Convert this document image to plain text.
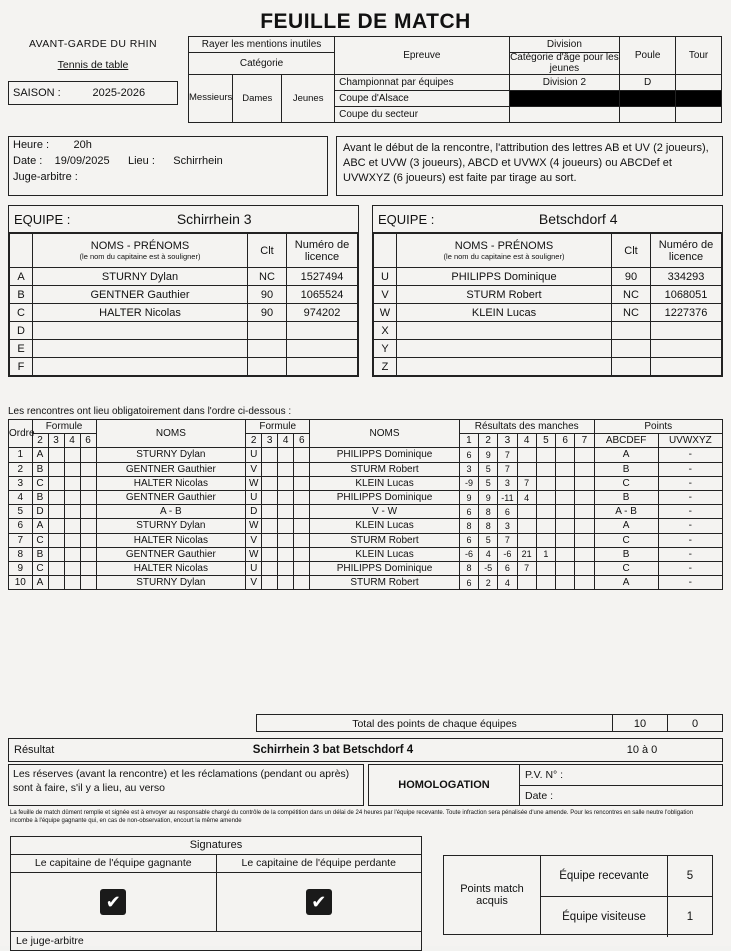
FEUILLE DE MATCH
AVANT-GARDE DU RHIN
Tennis de table
SAISON :	2025-2026
Rayer les mentions inutiles			Epreuve	Division	Poule	Tour
Catégorie				Catégorie d'âge pour les jeunes		
Messieurs	Dames	Jeunes	Championnat par équipes	Division 2	D	
			Coupe d'Alsace			
			Coupe du secteur			
Heure : 20h
Date : 19/09/2025 Lieu : Schirrhein
Juge-arbitre :
Avant le début de la rencontre, l'attribution des lettres AB et UV (2 joueurs), ABC et UVW (3 joueurs), ABCD et UVWX (4 joueurs) ou ABCDef et UVWXYZ (6 joueurs) est faite par tirage au sort.
EQUIPE :	Schirrhein 3

	NOMS - PRÉNOMS
(le nom du capitaine est à souligner)	Clt	Numéro de licence
A	STURNY Dylan	NC	1527494
B	GENTNER Gauthier	90	1065524
C	HALTER Nicolas	90	974202
D			
E			
F			
EQUIPE :	Betschdorf 4

	NOMS - PRÉNOMS
(le nom du capitaine est à souligner)	Clt	Numéro de licence
U	PHILIPPS Dominique	90	334293
V	STURM Robert	NC	1068051
W	KLEIN Lucas	NC	1227376
X			
Y			
Z			
Les rencontres ont lieu obligatoirement dans l'ordre ci-dessous :
Ordre	Formule				NOMS	Formule				NOMS	Résultats des manches							Points	
	2	3	4	6		2	3	4	6		1	2	3	4	5	6	7	ABCDEF	UVWXYZ
1	A				STURNY Dylan	U				PHILIPPS Dominique	6	9	7					A	-
2	B				GENTNER Gauthier	V				STURM Robert	3	5	7					B	-
3	C				HALTER Nicolas	W				KLEIN Lucas	-9	5	3	7				C	-
4	B				GENTNER Gauthier	U				PHILIPPS Dominique	9	9	-11	4				B	-
5	D				A - B	D				V - W	6	8	6					A - B	-
6	A				STURNY Dylan	W				KLEIN Lucas	8	8	3					A	-
7	C				HALTER Nicolas	V				STURM Robert	6	5	7					C	-
8	B				GENTNER Gauthier	W				KLEIN Lucas	-6	4	-6	21	1			B	-
9	C				HALTER Nicolas	U				PHILIPPS Dominique	8	-5	6	7				C	-
10	A				STURNY Dylan	V				STURM Robert	6	2	4					A	-
Total des points de chaque équipes	10	0
Résultat	Schirrhein 3 bat Betschdorf 4	10 à 0
Les réserves (avant la rencontre) et les réclamations (pendant ou après) sont à faire, s'il y a lieu, au verso	HOMOLOGATION
P.V. N° :
Date :
La feuille de match dûment remplie et signée est à envoyer au responsable chargé du contrôle de la compétition dans un délai de 24 heures par l'équipe recevante. Toute infraction sera pénalisée d'une amende. Pour les rencontres en salle neutre l'obligation incombe à l'équipe gagnante qui, en cas de non-observation, encourt la même amende
Signatures
Le capitaine de l'équipe gagnante	Le capitaine de l'équipe perdante
✔	✔
Le juge-arbitre
Points match acquis
Équipe recevante	5
Équipe visiteuse	1
